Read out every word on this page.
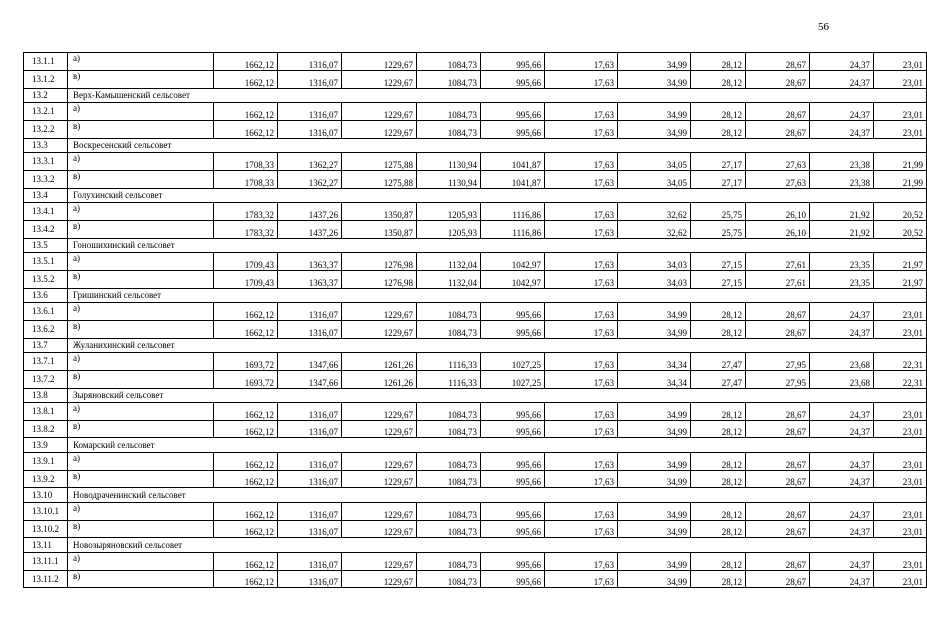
56
13.1.1	а)	1662,12	1316,07	1229,67	1084,73	995,66	17,63	34,99	28,12	28,67	24,37	23,01
13.1.2	в)	1662,12	1316,07	1229,67	1084,73	995,66	17,63	34,99	28,12	28,67	24,37	23,01
13.2	Верх-Камышенский сельсовет											
13.2.1	а)	1662,12	1316,07	1229,67	1084,73	995,66	17,63	34,99	28,12	28,67	24,37	23,01
13.2.2	в)	1662,12	1316,07	1229,67	1084,73	995,66	17,63	34,99	28,12	28,67	24,37	23,01
13.3	Воскресенский сельсовет											
13.3.1	а)	1708,33	1362,27	1275,88	1130,94	1041,87	17,63	34,05	27,17	27,63	23,38	21,99
13.3.2	в)	1708,33	1362,27	1275,88	1130,94	1041,87	17,63	34,05	27,17	27,63	23,38	21,99
13.4	Голухинский сельсовет											
13.4.1	а)	1783,32	1437,26	1350,87	1205,93	1116,86	17,63	32,62	25,75	26,10	21,92	20,52
13.4.2	в)	1783,32	1437,26	1350,87	1205,93	1116,86	17,63	32,62	25,75	26,10	21,92	20,52
13.5	Гоношихинский сельсовет											
13.5.1	а)	1709,43	1363,37	1276,98	1132,04	1042,97	17,63	34,03	27,15	27,61	23,35	21,97
13.5.2	в)	1709,43	1363,37	1276,98	1132,04	1042,97	17,63	34,03	27,15	27,61	23,35	21,97
13.6	Гришинский сельсовет											
13.6.1	а)	1662,12	1316,07	1229,67	1084,73	995,66	17,63	34,99	28,12	28,67	24,37	23,01
13.6.2	в)	1662,12	1316,07	1229,67	1084,73	995,66	17,63	34,99	28,12	28,67	24,37	23,01
13.7	Жуланихинский сельсовет											
13.7.1	а)	1693,72	1347,66	1261,26	1116,33	1027,25	17,63	34,34	27,47	27,95	23,68	22,31
13.7.2	в)	1693,72	1347,66	1261,26	1116,33	1027,25	17,63	34,34	27,47	27,95	23,68	22,31
13.8	Зыряновский сельсовет											
13.8.1	а)	1662,12	1316,07	1229,67	1084,73	995,66	17,63	34,99	28,12	28,67	24,37	23,01
13.8.2	в)	1662,12	1316,07	1229,67	1084,73	995,66	17,63	34,99	28,12	28,67	24,37	23,01
13.9	Комарский сельсовет											
13.9.1	а)	1662,12	1316,07	1229,67	1084,73	995,66	17,63	34,99	28,12	28,67	24,37	23,01
13.9.2	в)	1662,12	1316,07	1229,67	1084,73	995,66	17,63	34,99	28,12	28,67	24,37	23,01
13.10	Новодраченинский сельсовет											
13.10.1	а)	1662,12	1316,07	1229,67	1084,73	995,66	17,63	34,99	28,12	28,67	24,37	23,01
13.10.2	в)	1662,12	1316,07	1229,67	1084,73	995,66	17,63	34,99	28,12	28,67	24,37	23,01
13.11	Новозыряновский сельсовет											
13.11.1	а)	1662,12	1316,07	1229,67	1084,73	995,66	17,63	34,99	28,12	28,67	24,37	23,01
13.11.2	в)	1662,12	1316,07	1229,67	1084,73	995,66	17,63	34,99	28,12	28,67	24,37	23,01
